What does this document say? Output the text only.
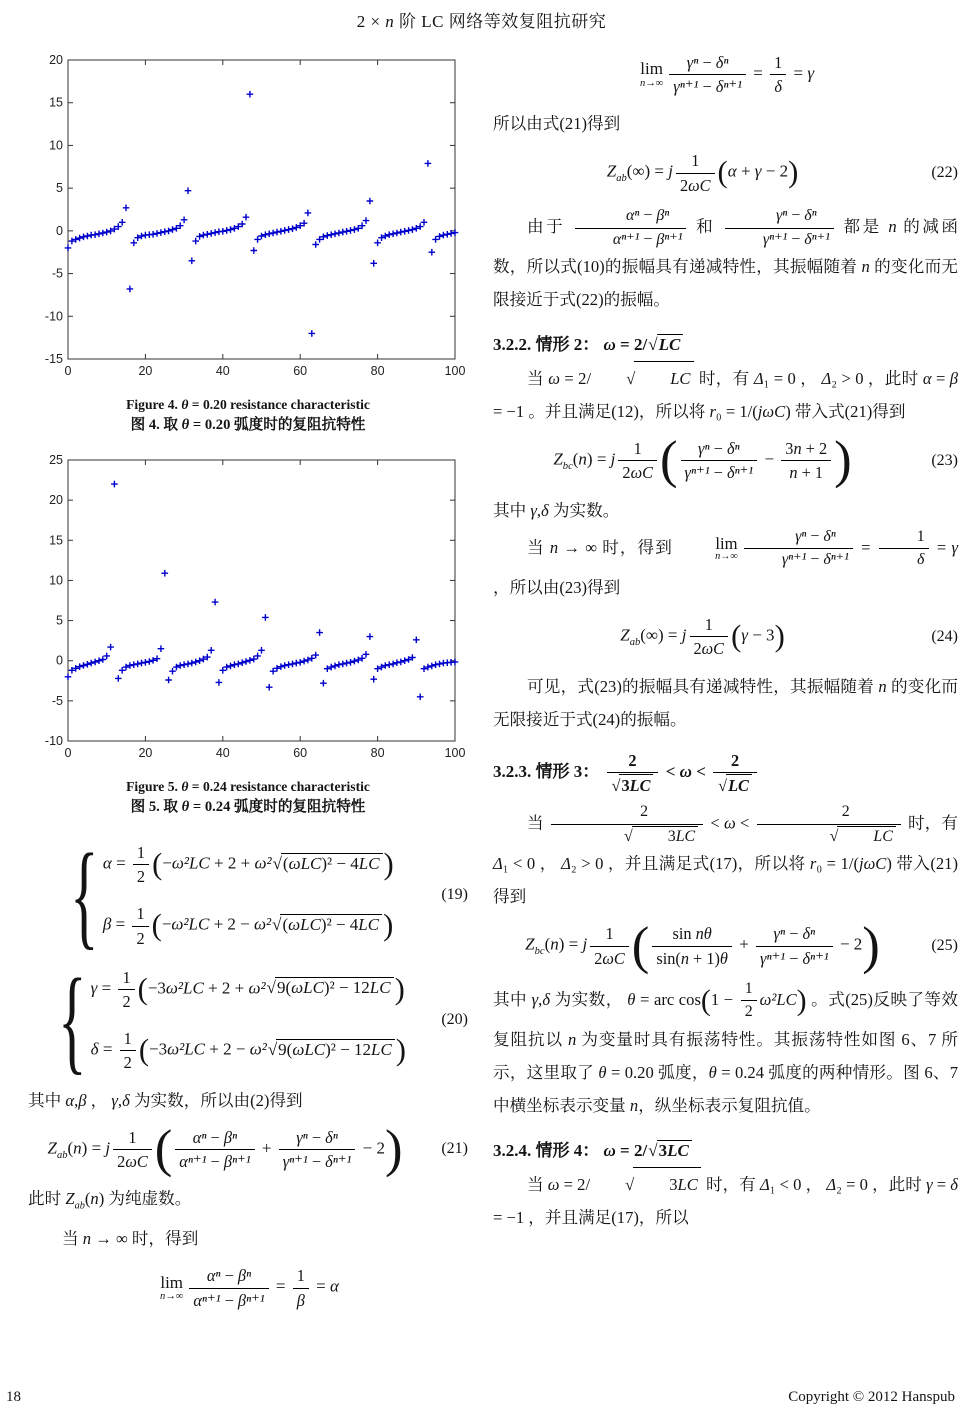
2 × n 阶 LC 网络等效复阻抗研究
0	20	40	60	80	100
-15
-10
-5
0
5
10
15
20
Figure 4. θ = 0.20 resistance characteristic
图 4. 取 θ = 0.20 弧度时的复阻抗特性
0	20	40	60	80	100
-10
-5
0
5
10
15
20
25
Figure 5. θ = 0.24 resistance characteristic
图 5. 取 θ = 0.24 弧度时的复阻抗特性
{ $\alpha = \frac{1}{2} (-\omega^2LC + 2 + \omega^2$ √ (ωLC)² − 4LC )
$\beta = \frac{1}{2} (-\omega^2LC + 2 - \omega^2$ √ (ωLC)² − 4LC )
(19)
{ $\gamma = \frac{1}{2} (-3\omega^2LC + 2 + \omega^2$ √ 9(ωLC)² − 12LC )
$\delta = \frac{1}{2} (-3\omega^2LC + 2 - \omega^2$ √ 9(ωLC)² − 12LC )
(20)

其中 α,β ， γ,δ 为实数，所以由(2)得到

$Z_{ab}(n) = j \frac{1}{2\omega C}$ ( $\frac{\text{αⁿ − βⁿ}}{\text{αⁿ⁺¹ − βⁿ⁺¹}} + \frac{\text{γⁿ − δⁿ}}{\text{γⁿ⁺¹ − δⁿ⁺¹}} - 2$)	(21)

此时 $Z_{ab}(n)$ 为纯虚数。

当 n → ∞ 时，得到

lim
$n\to\infty \frac{\text{αⁿ − βⁿ}}{\text{αⁿ⁺¹ − βⁿ⁺¹}} = \frac{1}{\beta} = \alpha$
lim
$n\to\infty \frac{\text{γⁿ − δⁿ}}{\text{γⁿ⁺¹ − δⁿ⁺¹}} = \frac{1}{\delta} = \gamma$

所以由式(21)得到

$Z_{ab}(\infty) = j \frac{1}{2\omega C} (\alpha + \gamma - 2)$	(22)

由于 $\frac{\text{αⁿ − βⁿ}}{\text{αⁿ⁺¹ − βⁿ⁺¹}}$ 和 $\frac{\text{γⁿ − δⁿ}}{\text{γⁿ⁺¹ − δⁿ⁺¹}}$ 都是 n 的减函数，所以式(10)的振幅具有递减特性，其振幅随着 n 的变化而无限接近于式(22)的振幅。

3.2.2. 情形 2： ω = 2/ √ LC

当 ω = 2/	√	LC 时，有 Δ₁ = 0 ， Δ₂ > 0 ，此时 α = β = −1 。并且满足(12)，所以将 r₀ = 1/(jωC) 带入式(21)得到

$Z_{bc}(n) = j \frac{1}{2\omega C}$ ( $\frac{\text{γⁿ − δⁿ}}{\text{γⁿ⁺¹ − δⁿ⁺¹}} - \frac{3n + 2}{n + 1}$ )	(23)

其中 γ,δ 为实数。

当 n → ∞ 时，得到	lim
$n\to\infty \frac{\text{γⁿ − δⁿ}}{\text{γⁿ⁺¹ − δⁿ⁺¹}} = \frac{1}{\delta} = \gamma$ ，所以由(23)得到

$Z_{ab}(\infty) = j \frac{1}{2\omega C} (\gamma - 3)$	(24)

可见，式(23)的振幅具有递减特性，其振幅随着 n 的变化而无限接近于式(24)的振幅。

3.2.3. 情形 3： $\frac{2}{√ 3LC} < \omega < \frac{2}{√ LC}$

当 2
√	3LC < ω < 2
√	LC 时，有 Δ₁ < 0 ， Δ₂ > 0 ，并且满足式(17)，所以将 r₀ = 1/(jωC) 带入(21)得到

$Z_{bc}(n) = j \frac{1}{2\omega C}$ ( $\frac{\text{sin nθ}}{\sin(n + 1)\theta} + \frac{\text{γⁿ − δⁿ}}{\text{γⁿ⁺¹ − δⁿ⁺¹}} - 2$)	(25)

其中 γ,δ 为实数， θ = arc $\cos(1 - \frac{1}{2} \omega^2LC)$ 。式(25)反映了等效复阻抗以 n 为变量时具有振荡特性。其振荡特性如图 6、7 所示，这里取了 θ = 0.20 弧度，θ = 0.24 弧度的两种情形。图 6、7 中横坐标表示变量 n，纵坐标表示复阻抗值。

3.2.4. 情形 4： ω = 2/ √ 3LC

当 ω = 2/	√	3LC 时，有 Δ₁ < 0 ， Δ₂ = 0 ，此时 γ = δ = −1 ，并且满足(17)，所以

18	Copyright © 2012 Hanspub
